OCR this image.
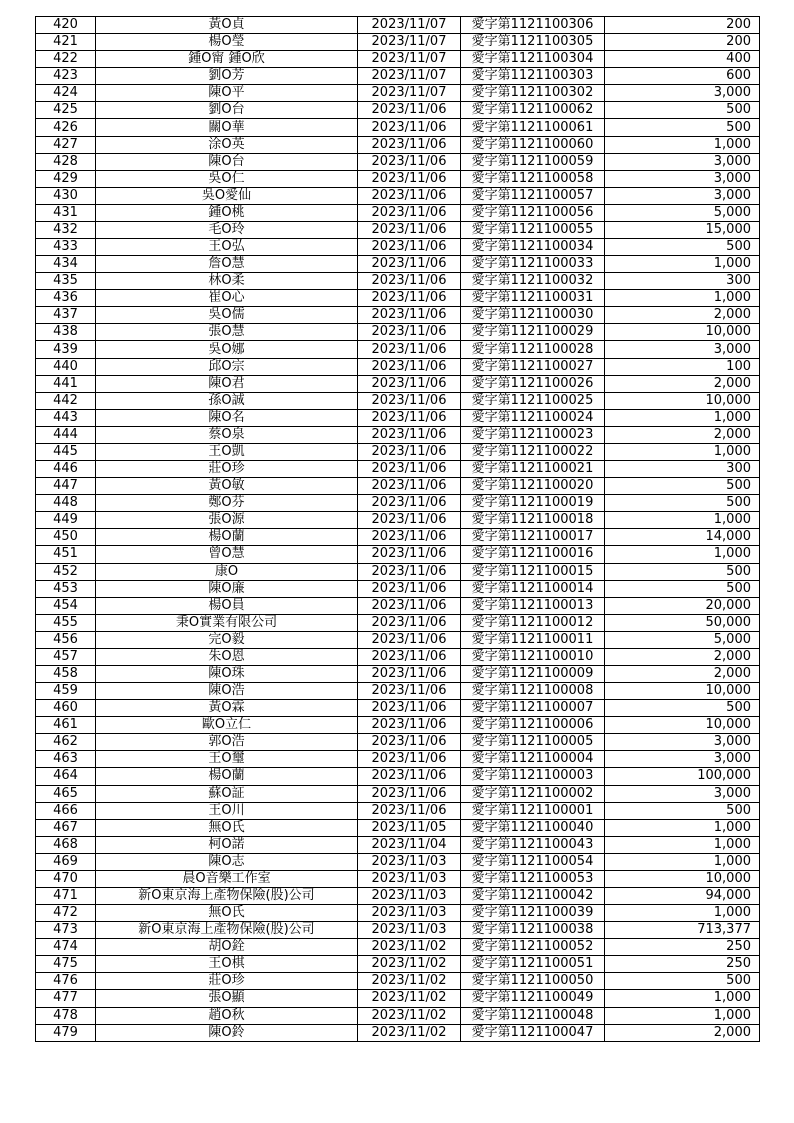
420	黃O貞	2023/11/07	愛字第1121100306	200
421	楊O瑩	2023/11/07	愛字第1121100305	200
422	鍾O甯 鍾O欣	2023/11/07	愛字第1121100304	400
423	劉O芳	2023/11/07	愛字第1121100303	600
424	陳O平	2023/11/07	愛字第1121100302	3,000
425	劉O台	2023/11/06	愛字第1121100062	500
426	關O華	2023/11/06	愛字第1121100061	500
427	涂O英	2023/11/06	愛字第1121100060	1,000
428	陳O台	2023/11/06	愛字第1121100059	3,000
429	吳O仁	2023/11/06	愛字第1121100058	3,000
430	吳O愛仙	2023/11/06	愛字第1121100057	3,000
431	鍾O桃	2023/11/06	愛字第1121100056	5,000
432	毛O玲	2023/11/06	愛字第1121100055	15,000
433	王O弘	2023/11/06	愛字第1121100034	500
434	詹O慧	2023/11/06	愛字第1121100033	1,000
435	林O柔	2023/11/06	愛字第1121100032	300
436	崔O心	2023/11/06	愛字第1121100031	1,000
437	吳O儒	2023/11/06	愛字第1121100030	2,000
438	張O慧	2023/11/06	愛字第1121100029	10,000
439	吳O娜	2023/11/06	愛字第1121100028	3,000
440	邱O宗	2023/11/06	愛字第1121100027	100
441	陳O君	2023/11/06	愛字第1121100026	2,000
442	孫O誠	2023/11/06	愛字第1121100025	10,000
443	陳O名	2023/11/06	愛字第1121100024	1,000
444	蔡O泉	2023/11/06	愛字第1121100023	2,000
445	王O凱	2023/11/06	愛字第1121100022	1,000
446	莊O珍	2023/11/06	愛字第1121100021	300
447	黃O敏	2023/11/06	愛字第1121100020	500
448	鄭O芬	2023/11/06	愛字第1121100019	500
449	張O源	2023/11/06	愛字第1121100018	1,000
450	楊O蘭	2023/11/06	愛字第1121100017	14,000
451	曾O慧	2023/11/06	愛字第1121100016	1,000
452	康O	2023/11/06	愛字第1121100015	500
453	陳O廉	2023/11/06	愛字第1121100014	500
454	楊O員	2023/11/06	愛字第1121100013	20,000
455	秉O實業有限公司	2023/11/06	愛字第1121100012	50,000
456	完O毅	2023/11/06	愛字第1121100011	5,000
457	朱O恩	2023/11/06	愛字第1121100010	2,000
458	陳O珠	2023/11/06	愛字第1121100009	2,000
459	陳O浩	2023/11/06	愛字第1121100008	10,000
460	黃O霖	2023/11/06	愛字第1121100007	500
461	歐O立仁	2023/11/06	愛字第1121100006	10,000
462	郭O浩	2023/11/06	愛字第1121100005	3,000
463	王O璽	2023/11/06	愛字第1121100004	3,000
464	楊O蘭	2023/11/06	愛字第1121100003	100,000
465	蘇O証	2023/11/06	愛字第1121100002	3,000
466	王O川	2023/11/06	愛字第1121100001	500
467	無O氏	2023/11/05	愛字第1121100040	1,000
468	柯O諾	2023/11/04	愛字第1121100043	1,000
469	陳O志	2023/11/03	愛字第1121100054	1,000
470	晨O音樂工作室	2023/11/03	愛字第1121100053	10,000
471	新O東京海上產物保險(股)公司	2023/11/03	愛字第1121100042	94,000
472	無O氏	2023/11/03	愛字第1121100039	1,000
473	新O東京海上產物保險(股)公司	2023/11/03	愛字第1121100038	713,377
474	胡O銓	2023/11/02	愛字第1121100052	250
475	王O棋	2023/11/02	愛字第1121100051	250
476	莊O珍	2023/11/02	愛字第1121100050	500
477	張O顯	2023/11/02	愛字第1121100049	1,000
478	趙O秋	2023/11/02	愛字第1121100048	1,000
479	陳O鈴	2023/11/02	愛字第1121100047	2,000
